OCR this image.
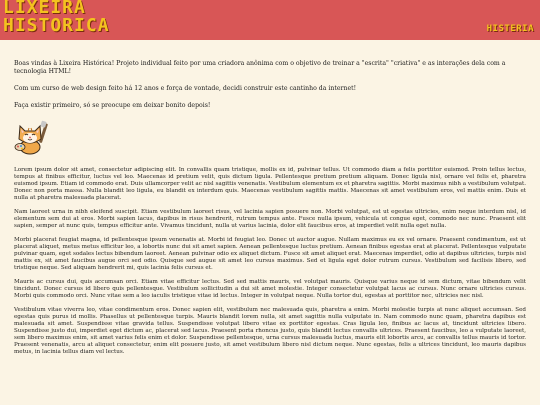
LIXEIRA
HISTORICA	HISTERIA

Boas vindas à Lixeira Histórica! Projeto individual feito por uma criadora anônima com o objetivo de treinar a "escrita" "criativa" e as interações dela com a tecnologia HTML!

Com um curso de web design feito há 12 anos e força de vontade, decidi construir este cantinho da internet!

Faça existir primeiro, só se preocupe em deixar bonito depois!

Lorem ipsum dolor sit amet, consectetur adipiscing elit. In convallis quam tristique, mollis ex id, pulvinar tellus. Ut commodo diam a felis porttitor euismod. Proin tellus lectus, tempus at finibus efficitur, luctus vel leo. Maecenas id pretium velit, quis dictum ligula. Pellentesque pretium pretium aliquam. Donec ligula nisl, ornare vel felis et, pharetra euismod ipsum. Etiam id commodo erat. Duis ullamcorper velit ac nisl sagittis venenatis. Vestibulum elementum ex et pharetra sagittis. Morbi maximus nibh a vestibulum volutpat. Donec non porta massa. Nulla blandit leo ligula, eu blandit ex interdum quis. Maecenas vestibulum sagittis mattis. Maecenas sit amet vestibulum eros, vel mattis enim. Duis et nulla at pharetra malesuada placerat.

Nam laoreet urna in nibh eleifend suscipit. Etiam vestibulum laoreet risus, vel lacinia sapien posuere non. Morbi volutpat, est ut egestas ultricies, enim neque interdum nisl, id elementum sem dui at eros. Morbi sapien lacus, dapibus in risus hendrerit, rutrum tempus ante. Fusce nulla ipsum, vehicula ut congue eget, commodo nec nunc. Praesent elit sapien, semper at nunc quis, tempus efficitur ante. Vivamus tincidunt, nulla ut varius lacinia, dolor elit faucibus eros, at imperdiet velit nulla eget nulla.

Morbi placerat feugiat magna, id pellentesque ipsum venenatis at. Morbi id feugiat leo. Donec ut auctor augue. Nullam maximus eu ex vel ornare. Praesent condimentum, est ut placerat aliquet, metus metus efficitur leo, a lobortis nunc dui sit amet sapien. Aenean pellentesque luctus pretium. Aenean finibus egestas erat at placerat. Pellentesque vulputate pulvinar quam, eget sodales lectus bibendum laoreet. Aenean pulvinar odio ex aliquet dictum. Fusce sit amet aliquet erat. Maecenas imperdiet, odio at dapibus ultricies, turpis nisl mattis ex, sit amet faucibus augue orci sed odio. Quisque sed augue sit amet leo cursus maximus. Sed et ligula eget dolor rutrum cursus. Vestibulum sed facilisis libero, sed tristique neque. Sed aliquam hendrerit mi, quis lacinia felis cursus et.

Mauris ac cursus dui, quis accumsan orci. Etiam vitae efficitur lectus. Sed sed mattis mauris, vel volutpat mauris. Quisque varius neque id sem dictum, vitae bibendum velit tincidunt. Donec cursus id libero quis pellentesque. Vestibulum sollicitudin a dui sit amet molestie. Integer consectetur volutpat lacus ac cursus. Nunc ornare ultricies cursus. Morbi quis commodo orci. Nunc vitae sem a leo iaculis tristique vitae id lectus. Integer in volutpat neque. Nulla tortor dui, egestas at porttitor nec, ultricies nec nisl.

Vestibulum vitae viverra leo, vitae condimentum eros. Donec sapien elit, vestibulum nec malesuada quis, pharetra a enim. Morbi molestie turpis at nunc aliquet accumsan. Sed egestas quis purus id mollis. Phasellus ut pellentesque turpis. Mauris blandit lorem nulla, sit amet sagittis nulla vulputate in. Nam commodo nunc quam, pharetra dapibus est malesuada sit amet. Suspendisse vitae gravida tellus. Suspendisse volutpat libero vitae ex porttitor egestas. Cras ligula leo, finibus ac lacus at, tincidunt ultricies libero. Suspendisse justo dui, imperdiet eget dictum ac, placerat sed lacus. Praesent porta rhoncus justo, quis blandit lectus convallis ultrices. Praesent faucibus, leo a vulputate laoreet, sem libero maximus enim, sit amet varius felis enim et dolor. Suspendisse pellentesque, urna cursus malesuada luctus, mauris elit lobortis arcu, ac convallis tellus mauris id tortor. Praesent venenatis, arcu at aliquet consectetur, enim elit posuere justo, sit amet vestibulum libero nisl dictum neque. Nunc egestas, felis a ultrices tincidunt, leo mauris dapibus metus, in lacinia tellus diam vel lectus.
